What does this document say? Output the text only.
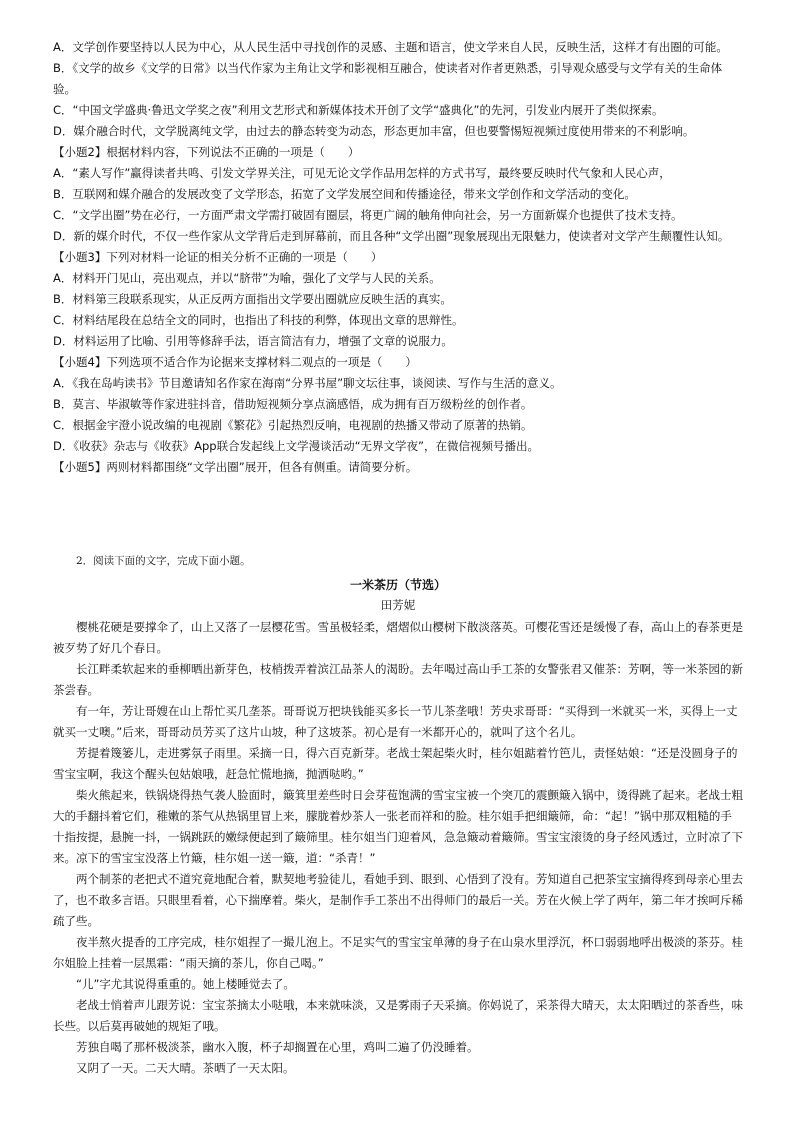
A．文学创作要坚持以人民为中心，从人民生活中寻找创作的灵感、主题和语言，使文学来自人民，反映生活，这样才有出圈的可能。

B．《文学的故乡《文学的日常》以当代作家为主角让文学和影视相互融合，使读者对作者更熟悉，引导观众感受与文学有关的生命体验。

C．“中国文学盛典·鲁迅文学奖之夜”利用文艺形式和新媒体技术开创了文学“盛典化”的先河，引发业内展开了类似探索。

D．媒介融合时代，文学脱离纯文学，由过去的静态转变为动态，形态更加丰富，但也要警惕短视频过度使用带来的不利影响。

【小题2】根据材料内容，下列说法不正确的一项是（　　）

A．“素人写作”赢得读者共鸣、引发文学界关注，可见无论文学作品用怎样的方式书写，最终要反映时代气象和人民心声，

B．互联网和媒介融合的发展改变了文学形态，拓宽了文学发展空间和传播途径，带来文学创作和文学活动的变化。

C．“文学出圈”势在必行，一方面严肃文学需打破固有圈层，将更广阔的触角伸向社会，另一方面新媒介也提供了技术支持。

D．新的媒介时代，不仅一些作家从文学背后走到屏幕前，而且各种“文学出圈”现象展现出无限魅力，使读者对文学产生颠覆性认知。

【小题3】下列对材料一论证的相关分析不正确的一项是（　　）

A．材料开门见山，亮出观点，并以“脐带”为喻，强化了文学与人民的关系。

B．材料第三段联系现实，从正反两方面指出文学要出圈就应反映生活的真实。

C．材料结尾段在总结全文的同时，也指出了科技的利弊，体现出文章的思辩性。

D．材料运用了比喻、引用等修辞手法，语言简洁有力，增强了文章的说服力。

【小题4】下列选项不适合作为论据来支撑材料二观点的一项是（　　）

A．《我在岛屿读书》节目邀请知名作家在海南“分界书屋”聊文坛往事，谈阅读、写作与生活的意义。

B．莫言、毕淑敏等作家进驻抖音，借助短视频分享点滴感悟，成为拥有百万级粉丝的创作者。

C．根据金宇澄小说改编的电视剧《繁花》引起热烈反响，电视剧的热播又带动了原著的热销。

D．《收获》杂志与《收获》App联合发起线上文学漫谈活动“无界文学夜”，在微信视频号播出。

【小题5】两则材料都围绕“文学出圈”展开，但各有侧重。请简要分析。

2．阅读下面的文字，完成下面小题。

一米茶历（节选）

田芳妮

樱桃花硬是要撑伞了，山上又落了一层樱花雪。雪虽极轻柔，熠熠似山樱树下散淡落英。可樱花雪还是缓慢了春，高山上的春茶更是被歹势了好几个春日。

长江畔柔软起来的垂柳晒出新芽色，枝梢拨弄着滨江品茶人的渴盼。去年喝过高山手工茶的女警张君又催茶：芳啊，等一米茶园的新茶尝春。

有一年，芳让哥嫂在山上帮忙买几垄茶。哥哥说万把块钱能买多长一节儿茶垄哦！芳央求哥哥：“买得到一米就买一米，买得上一丈就买一丈噢。”后来，哥哥动员芳买了这片山坡，种了这坡茶。初心是有一米都开心的，就叫了这个名儿。

芳提着篾篓儿，走进雾氛子雨里。采摘一日，得六百克新芽。老战士架起柴火时，桂尔姐踮着竹笆儿，责怪姑娘：“还是没圆身子的雪宝宝啊，我这个醒头包姑娘哦，赶急忙慌地摘，抛洒哒哟。”

柴火熊起来，铁锅烧得热气袭人脸面时，簸箕里差些时日会芽苞饱满的雪宝宝被一个突兀的震颤簸入锅中，烫得跳了起来。老战士粗大的手翻抖着它们，稚嫩的茶气从热锅里冒上来，朦胧着炒茶人一张老而祥和的脸。桂尔姐手把细簸筛，命：“起！”锅中那双粗糙的手十指按提，悬腕一抖，一锅跳跃的嫩绿便起到了簸筛里。桂尔姐当门迎着风，急急簸动着簸筛。雪宝宝滚烫的身子经风透过，立时凉了下来。凉下的雪宝宝没落上竹簸，桂尔姐一送一簸，道：“杀青！”

两个制茶的老把式不道究竟地配合着，默契地考验徒儿，看她手到、眼到、心悟到了没有。芳知道自己把茶宝宝摘得疼到母亲心里去了，也不敢多言语。只眼里看着，心下揣摩着。柴火，是制作手工茶出不出得师门的最后一关。芳在火候上学了两年，第二年才挨呵斥稀疏了些。

夜半熬火提香的工序完成，桂尔姐捏了一撮儿泡上。不足实气的雪宝宝单薄的身子在山泉水里浮沉，杯口弱弱地呼出极淡的茶芬。桂尔姐脸上挂着一层黑霜：“雨天摘的茶儿，你自己喝。”

“儿”字尤其说得重重的。她上楼睡觉去了。

老战士悄着声儿跟芳说：宝宝茶摘太小哒哦，本来就味淡，又是雾雨子天采摘。你妈说了，采茶得大晴天，太太阳晒过的茶香些，味长些。以后莫再破她的规矩了哦。

芳独自喝了那杯极淡茶，幽水入腹，杯子却搁置在心里，鸡叫二遍了仍没睡着。

又阴了一天。二天大晴。茶晒了一天太阳。
